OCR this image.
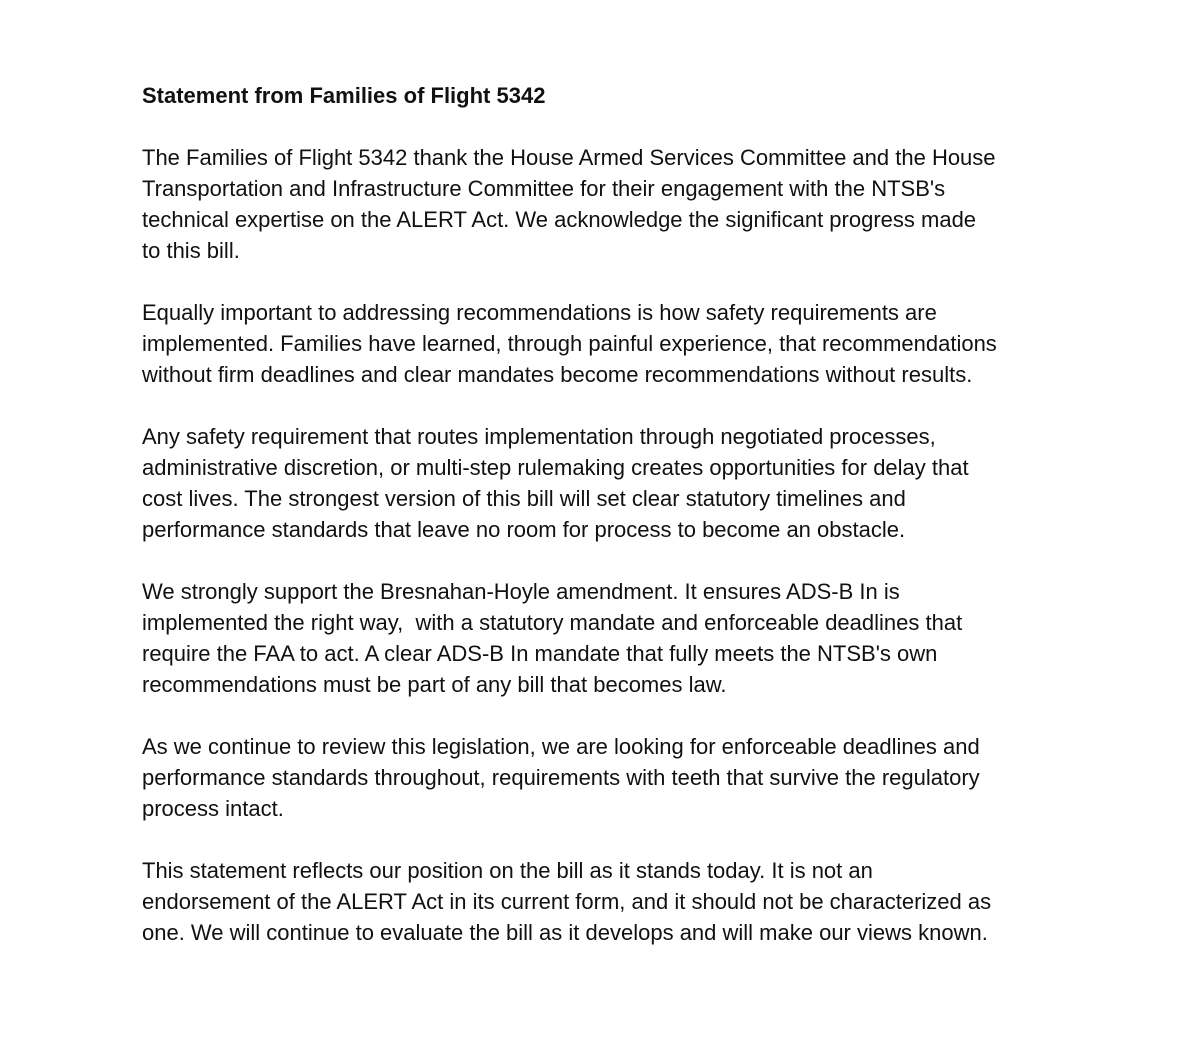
Statement from Families of Flight 5342
The Families of Flight 5342 thank the House Armed Services Committee and the House
Transportation and Infrastructure Committee for their engagement with the NTSB's
technical expertise on the ALERT Act. We acknowledge the significant progress made
to this bill.
Equally important to addressing recommendations is how safety requirements are
implemented. Families have learned, through painful experience, that recommendations
without firm deadlines and clear mandates become recommendations without results.
Any safety requirement that routes implementation through negotiated processes,
administrative discretion, or multi-step rulemaking creates opportunities for delay that
cost lives. The strongest version of this bill will set clear statutory timelines and
performance standards that leave no room for process to become an obstacle.
We strongly support the Bresnahan-Hoyle amendment. It ensures ADS-B In is
implemented the right way,  with a statutory mandate and enforceable deadlines that
require the FAA to act. A clear ADS-B In mandate that fully meets the NTSB's own
recommendations must be part of any bill that becomes law.
As we continue to review this legislation, we are looking for enforceable deadlines and
performance standards throughout, requirements with teeth that survive the regulatory
process intact.
This statement reflects our position on the bill as it stands today. It is not an
endorsement of the ALERT Act in its current form, and it should not be characterized as
one. We will continue to evaluate the bill as it develops and will make our views known.
